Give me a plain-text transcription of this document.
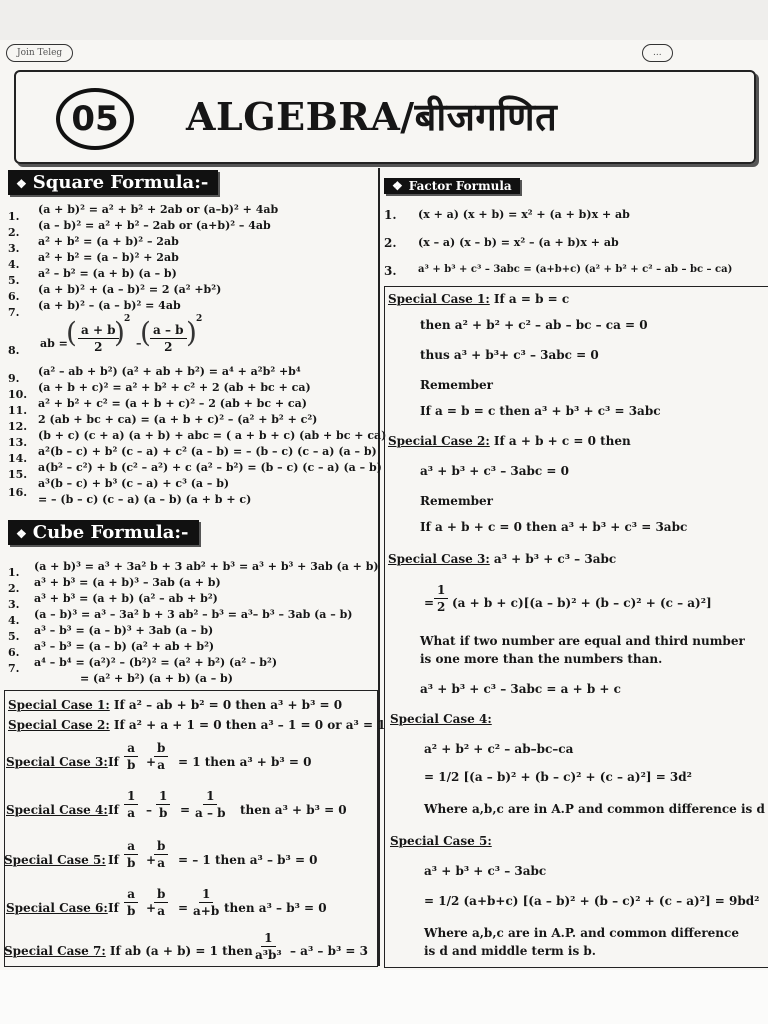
Join Teleg	...
05	ALGEBRA/बीजगणित
❖ Square Formula:-
1.
2.
3.
4.
5.
6.
7.
8.
9.
10.
11.
12.
13.
14.
15.
16.
(a + b)² = a² + b² + 2ab or (a–b)² + 4ab
(a – b)² = a² + b² – 2ab or (a+b)² – 4ab
a² + b² = (a + b)² – 2ab
a² + b² = (a – b)² + 2ab
a² – b² = (a + b) (a – b)
(a + b)² + (a – b)² = 2 (a² +b²)
(a + b)² – (a – b)² = 4ab
ab =
( $\frac{a + b}{2}$
) 2
–
( $\frac{a - b}{2}$ ) 2
(a² – ab + b²) (a² + ab + b²) = a⁴ + a²b² +b⁴
(a + b + c)² = a² + b² + c² + 2 (ab + bc + ca)
a² + b² + c² = (a + b + c)² – 2 (ab + bc + ca)
2 (ab + bc + ca) = (a + b + c)² – (a² + b² + c²)
(b + c) (c + a) (a + b) + abc = ( a + b + c) (ab + bc + ca)
a²(b – c) + b² (c – a) + c² (a – b) = – (b – c) (c – a) (a – b)
a(b² – c²) + b (c² – a²) + c (a² – b²) = (b – c) (c – a) (a – b)
a³(b – c) + b³ (c – a) + c³ (a – b)
= – (b – c) (c – a) (a – b) (a + b + c)
❖ Cube Formula:-
1.
2.
3.
4.
5.
6.
7.
(a + b)³ = a³ + 3a² b + 3 ab² + b³ = a³ + b³ + 3ab (a + b)
a³ + b³ = (a + b)³ – 3ab (a + b)
a³ + b³ = (a + b) (a² – ab + b²)
(a – b)³ = a³ – 3a² b + 3 ab² – b³ = a³– b³ – 3ab (a – b)
a³ – b³ = (a – b)³ + 3ab (a – b)
a³ – b³ = (a – b) (a² + ab + b²)
a⁴ – b⁴ = (a²)² – (b²)² = (a² + b²) (a² – b²)
= (a² + b²) (a + b) (a – b)
Special Case 1: If a² – ab + b² = 0 then a³ + b³ = 0
Special Case 2: If a² + a + 1 = 0 then a³ – 1 = 0 or a³ = 1
Special Case 3: If $\frac{a}{b}$ +
$\frac{b}{a} = 1$ then a³ + b³ = 0
Special Case 4: If $\frac{1}{a} - \frac{1}{b} = \frac{1}{a - b}$ then a³ + b³ = 0
Special Case 5: If $\frac{a}{b}$ +
$\frac{b}{a}$ = – 1 then a³ – b³ = 0
Special Case 6: If $\frac{a}{b}$ +
$\frac{b}{a} = \frac{1}{a+b}$ then a³ – b³ = 0
Special Case 7: If ab (a + b) = 1 then $\frac{1}{\text{a³b³}} - a^3 - b^3 = 3$
❖ Factor Formula
1.
2.
3.
(x + a) (x + b) = x² + (a + b)x + ab
(x – a) (x – b) = x² – (a + b)x + ab
a³ + b³ + c³ – 3abc = (a+b+c) (a² + b² + c² – ab – bc – ca)
Special Case 1: If a = b = c
then a² + b² + c² – ab – bc – ca = 0
thus a³ + b³+ c³ – 3abc = 0
Remember
If a = b = c then a³ + b³ + c³ = 3abc
Special Case 2: If a + b + c = 0 then
a³ + b³ + c³ – 3abc = 0
Remember
If a + b + c = 0 then a³ + b³ + c³ = 3abc
Special Case 3: a³ + b³ + c³ – 3abc
= $\frac{1}{2} (a + b + c)[(a - b)^2 + (b - c)^2 + (c - a)^2]$
What if two number are equal and third number
is one more than the numbers than.
a³ + b³ + c³ – 3abc = a + b + c
Special Case 4:
a² + b² + c² – ab–bc–ca
= 1/2 [(a – b)² + (b – c)² + (c – a)²] = 3d²
Where a,b,c are in A.P and common difference is d
Special Case 5:
a³ + b³ + c³ – 3abc
= 1/2 (a+b+c) [(a – b)² + (b – c)² + (c – a)²] = 9bd²
Where a,b,c are in A.P. and common difference
is d and middle term is b.
